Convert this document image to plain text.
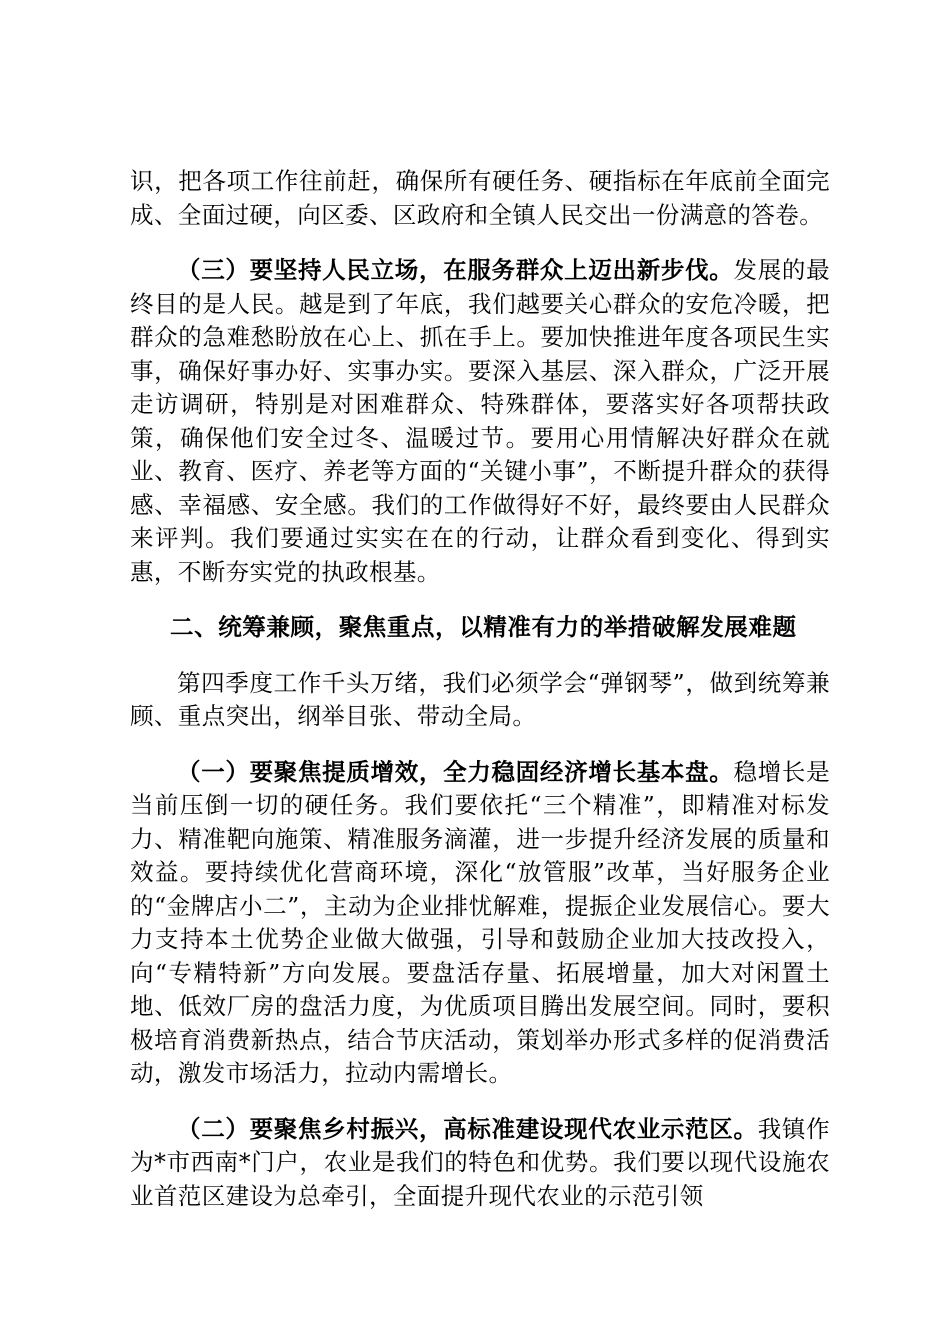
识，把各项工作往前赶，确保所有硬任务、硬指标在年底前全面完成、全面过硬，向区委、区政府和全镇人民交出一份满意的答卷。

（三）要坚持人民立场，在服务群众上迈出新步伐。发展的最终目的是人民。越是到了年底，我们越要关心群众的安危冷暖，把群众的急难愁盼放在心上、抓在手上。要加快推进年度各项民生实事，确保好事办好、实事办实。要深入基层、深入群众，广泛开展走访调研，特别是对困难群众、特殊群体，要落实好各项帮扶政策，确保他们安全过冬、温暖过节。要用心用情解决好群众在就业、教育、医疗、养老等方面的“关键小事”，不断提升群众的获得感、幸福感、安全感。我们的工作做得好不好，最终要由人民群众来评判。我们要通过实实在在的行动，让群众看到变化、得到实惠，不断夯实党的执政根基。

二、统筹兼顾，聚焦重点，以精准有力的举措破解发展难题

第四季度工作千头万绪，我们必须学会“弹钢琴”，做到统筹兼顾、重点突出，纲举目张、带动全局。

（一）要聚焦提质增效，全力稳固经济增长基本盘。稳增长是当前压倒一切的硬任务。我们要依托“三个精准”，即精准对标发力、精准靶向施策、精准服务滴灌，进一步提升经济发展的质量和效益。要持续优化营商环境，深化“放管服”改革，当好服务企业的“金牌店小二”，主动为企业排忧解难，提振企业发展信心。要大力支持本土优势企业做大做强，引导和鼓励企业加大技改投入，向“专精特新”方向发展。要盘活存量、拓展增量，加大对闲置土地、低效厂房的盘活力度，为优质项目腾出发展空间。同时，要积极培育消费新热点，结合节庆活动，策划举办形式多样的促消费活动，激发市场活力，拉动内需增长。

（二）要聚焦乡村振兴，高标准建设现代农业示范区。我镇作为*市西南*门户，农业是我们的特色和优势。我们要以现代设施农业首范区建设为总牵引，全面提升现代农业的示范引领
